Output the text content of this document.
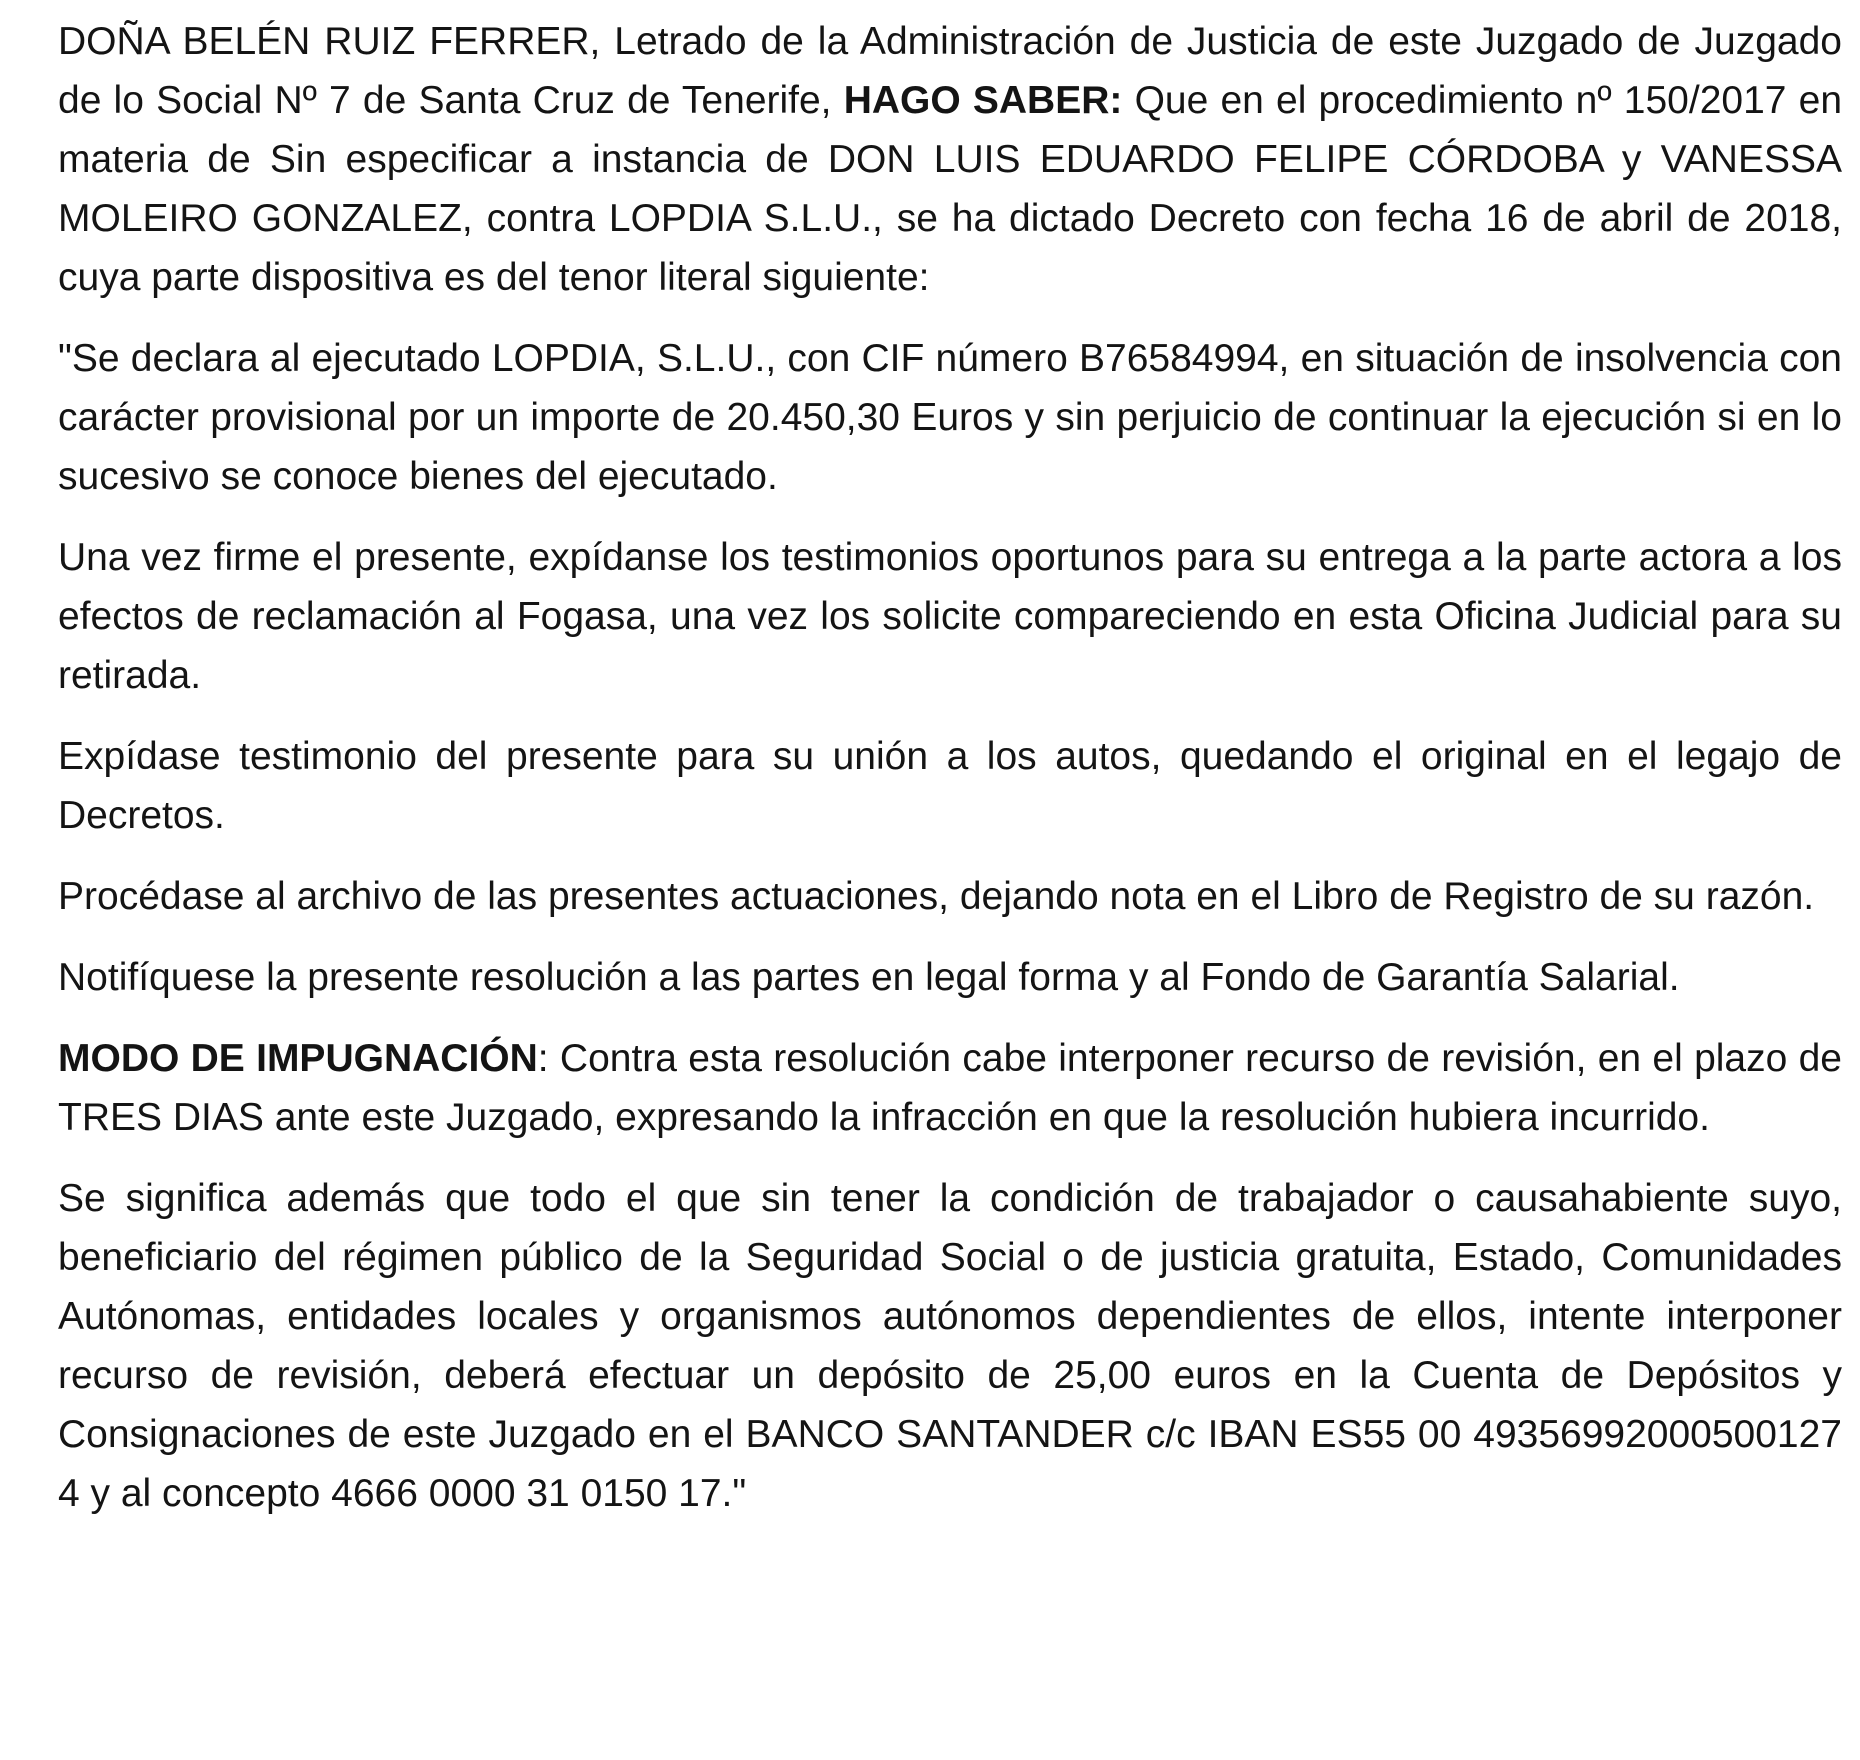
DOÑA BELÉN RUIZ FERRER, Letrado de la Administración de Justicia de este Juzgado de Juzgado de lo Social Nº 7 de Santa Cruz de Tenerife, HAGO SABER: Que en el procedimiento nº 150/2017 en materia de Sin especificar a instancia de DON LUIS EDUARDO FELIPE CÓRDOBA y VANESSA MOLEIRO GONZALEZ, contra LOPDIA S.L.U., se ha dictado Decreto con fecha 16 de abril de 2018, cuya parte dispositiva es del tenor literal siguiente:

"Se declara al ejecutado LOPDIA, S.L.U., con CIF número B76584994, en situación de insolvencia con carácter provisional por un importe de 20.450,30 Euros y sin perjuicio de continuar la ejecución si en lo sucesivo se conoce bienes del ejecutado.

Una vez firme el presente, expídanse los testimonios oportunos para su entrega a la parte actora a los efectos de reclamación al Fogasa, una vez los solicite compareciendo en esta Oficina Judicial para su retirada.

Expídase testimonio del presente para su unión a los autos, quedando el original en el legajo de Decretos.

Procédase al archivo de las presentes actuaciones, dejando nota en el Libro de Registro de su razón.

Notifíquese la presente resolución a las partes en legal forma y al Fondo de Garantía Salarial.

MODO DE IMPUGNACIÓN: Contra esta resolución cabe interponer recurso de revisión, en el plazo de TRES DIAS ante este Juzgado, expresando la infracción en que la resolución hubiera incurrido.

Se significa además que todo el que sin tener la condición de trabajador o causahabiente suyo, beneficiario del régimen público de la Seguridad Social o de justicia gratuita, Estado, Comunidades Autónomas, entidades locales y organismos autónomos dependientes de ellos, intente interponer recurso de revisión, deberá efectuar un depósito de 25,00 euros en la Cuenta de Depósitos y Consignaciones de este Juzgado en el BANCO SANTANDER c/c IBAN ES55 00 49356992000500127 4 y al concepto 4666 0000 31 0150 17."
